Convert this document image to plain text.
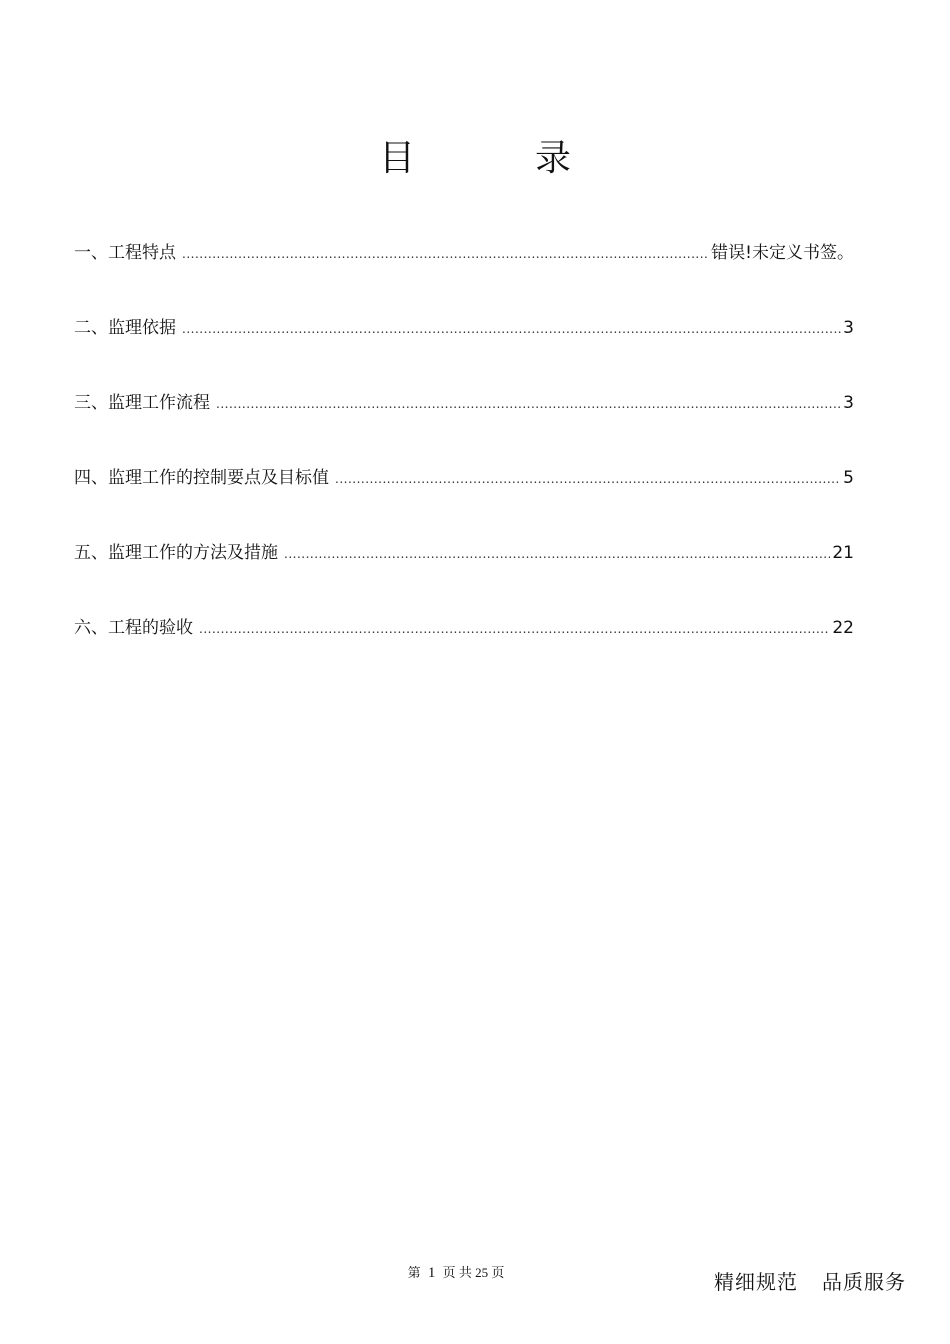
目	录
一、工程特点 .....	错误!未定义书签。
二、监理依据 .....	3
三、监理工作流程 .....	3
四、监理工作的控制要点及目标值 .....	5
五、监理工作的方法及措施 .....	21
六、工程的验收 .....	22
第 1 页 共 25 页	精细规范 品质服务
